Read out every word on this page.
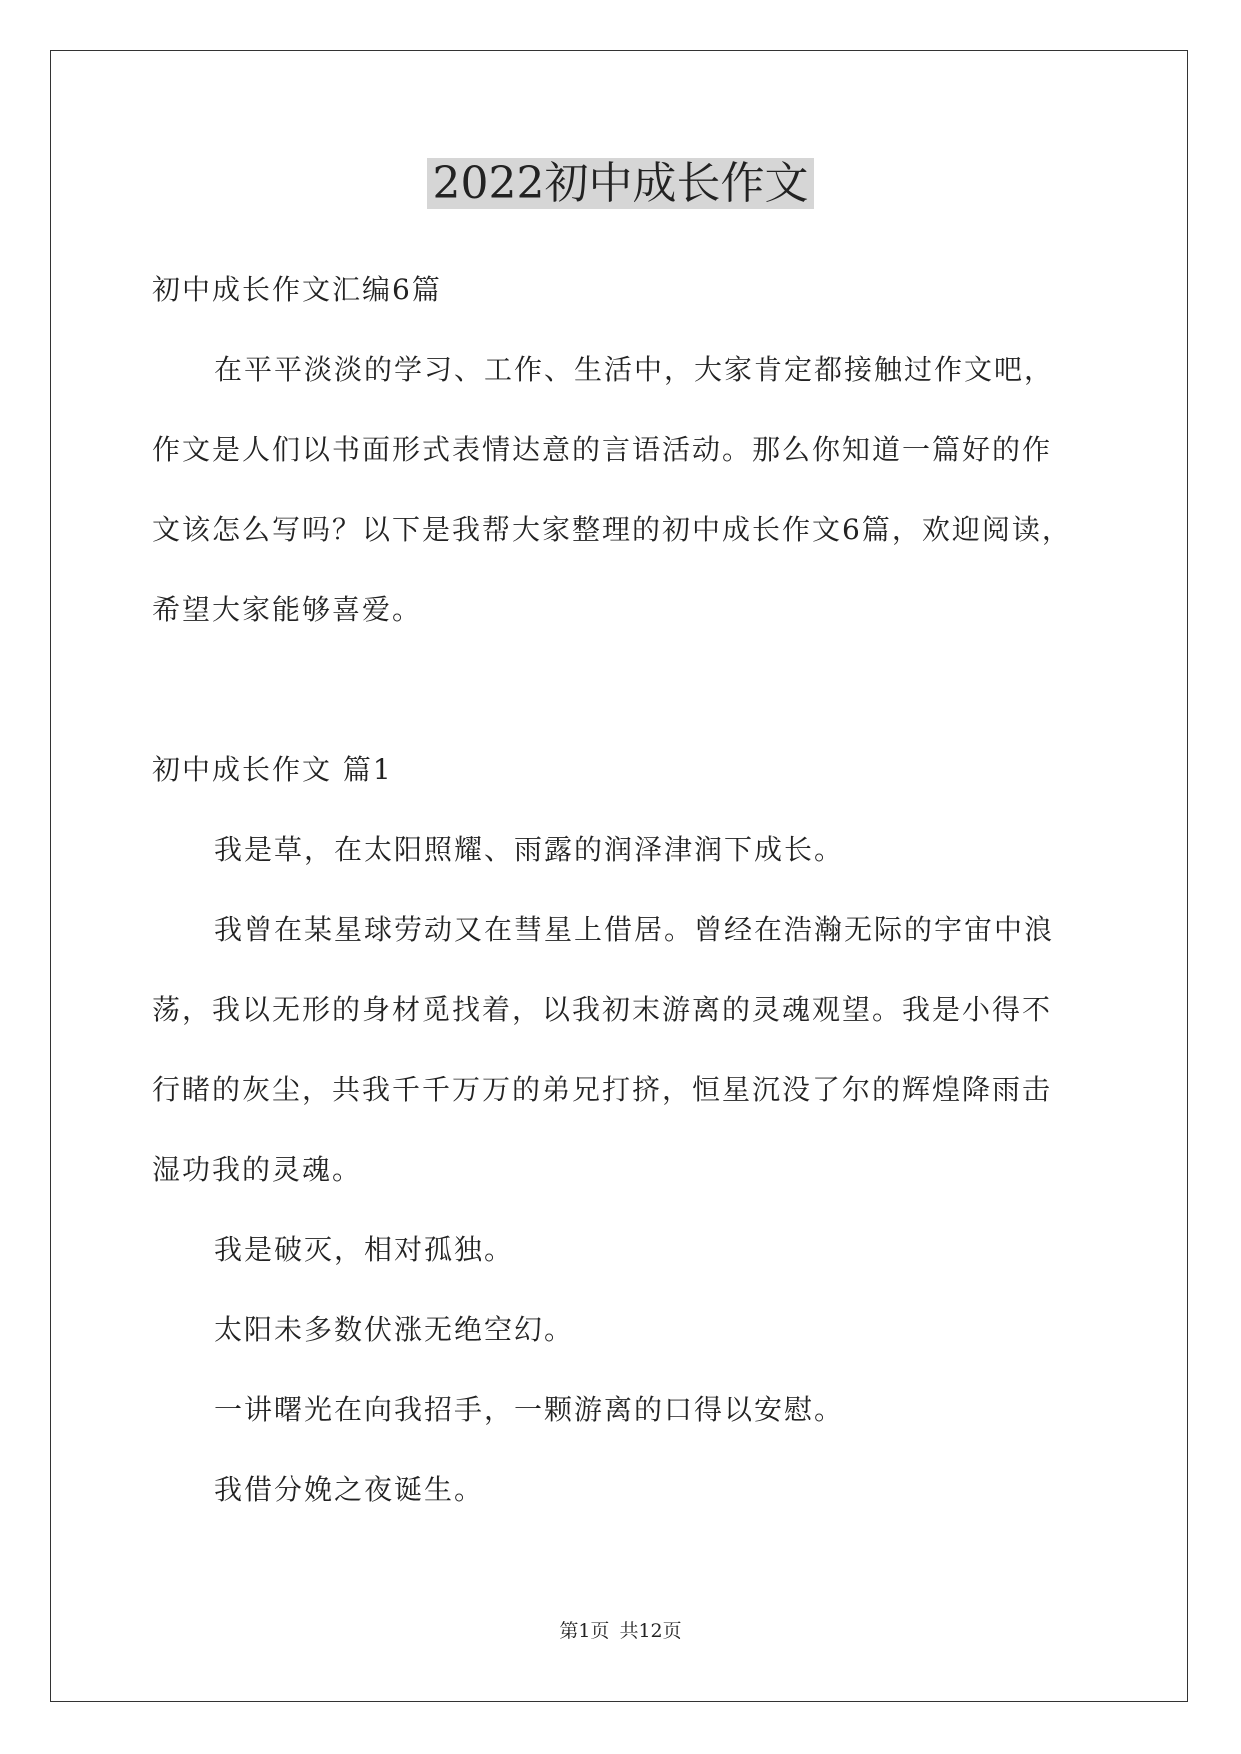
2022初中成长作文
初中成长作文汇编6篇
在平平淡淡的学习、工作、生活中，大家肯定都接触过作文吧，
作文是人们以书面形式表情达意的言语活动。那么你知道一篇好的作
文该怎么写吗？以下是我帮大家整理的初中成长作文6篇，欢迎阅读，
希望大家能够喜爱。
初中成长作文 篇1
我是草，在太阳照耀、雨露的润泽津润下成长。
我曾在某星球劳动又在彗星上借居。曾经在浩瀚无际的宇宙中浪
荡，我以无形的身材觅找着，以我初末游离的灵魂观望。我是小得不
行睹的灰尘，共我千千万万的弟兄打挤，恒星沉没了尔的辉煌降雨击
湿功我的灵魂。
我是破灭，相对孤独。
太阳未多数伏涨无绝空幻。
一讲曙光在向我招手，一颗游离的口得以安慰。
我借分娩之夜诞生。
第1页 共12页
